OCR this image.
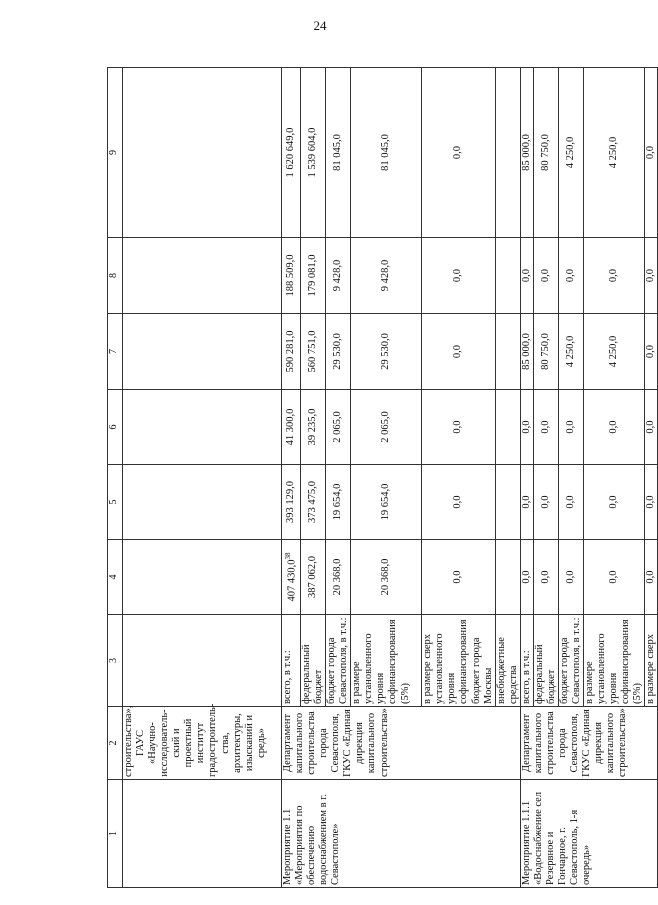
24
1	2	3	4	5	6	7	8	9
	строительства», ГАУС «Научно-исследователь-ский и проектный институт градостроитель-ства, архитектуры, изысканий и средь»							
Мероприятие 1.1 «Мероприятия по обеспечению водоснабжением в г. Севастополе»	Департамент капитального строительства города Севастополя, ГКУС «Единая дирекция капитального строительства»	всего, в т.ч.:	407 430,0$^{38}$	393 129,0	41 300,0	590 281,0	188 509,0	1 620 649,0
		федеральный бюджет	387 062,0	373 475,0	39 235,0	560 751,0	179 081,0	1 539 604,0
		бюджет города Севастополя, в т.ч.:	20 368,0	19 654,0	2 065,0	29 530,0	9 428,0	81 045,0
		в размере установленного уровня софинансирования (5%)	20 368,0	19 654,0	2 065,0	29 530,0	9 428,0	81 045,0
		в размере сверх установленного уровня софинансирования бюджет города Москвы	0,0	0,0	0,0	0,0	0,0	0,0
		внебюджетные средства						
Мероприятие 1.1.1 «Водоснабжение сел Резервное и Гончарное, г. Севастополь, 1-я очередь»	Департамент капитального строительства города Севастополя, ГКУС «Единая дирекция капитального строительства»	всего, в т.ч.:	0,0	0,0	0,0	85 000,0	0,0	85 000,0
		федеральный бюджет	0,0	0,0	0,0	80 750,0	0,0	80 750,0
		бюджет города Севастополя, в т.ч.:	0,0	0,0	0,0	4 250,0	0,0	4 250,0
		в размере установленного уровня софинансирования (5%)	0,0	0,0	0,0	4 250,0	0,0	4 250,0
		в размере сверх	0,0	0,0	0,0	0,0	0,0	0,0
